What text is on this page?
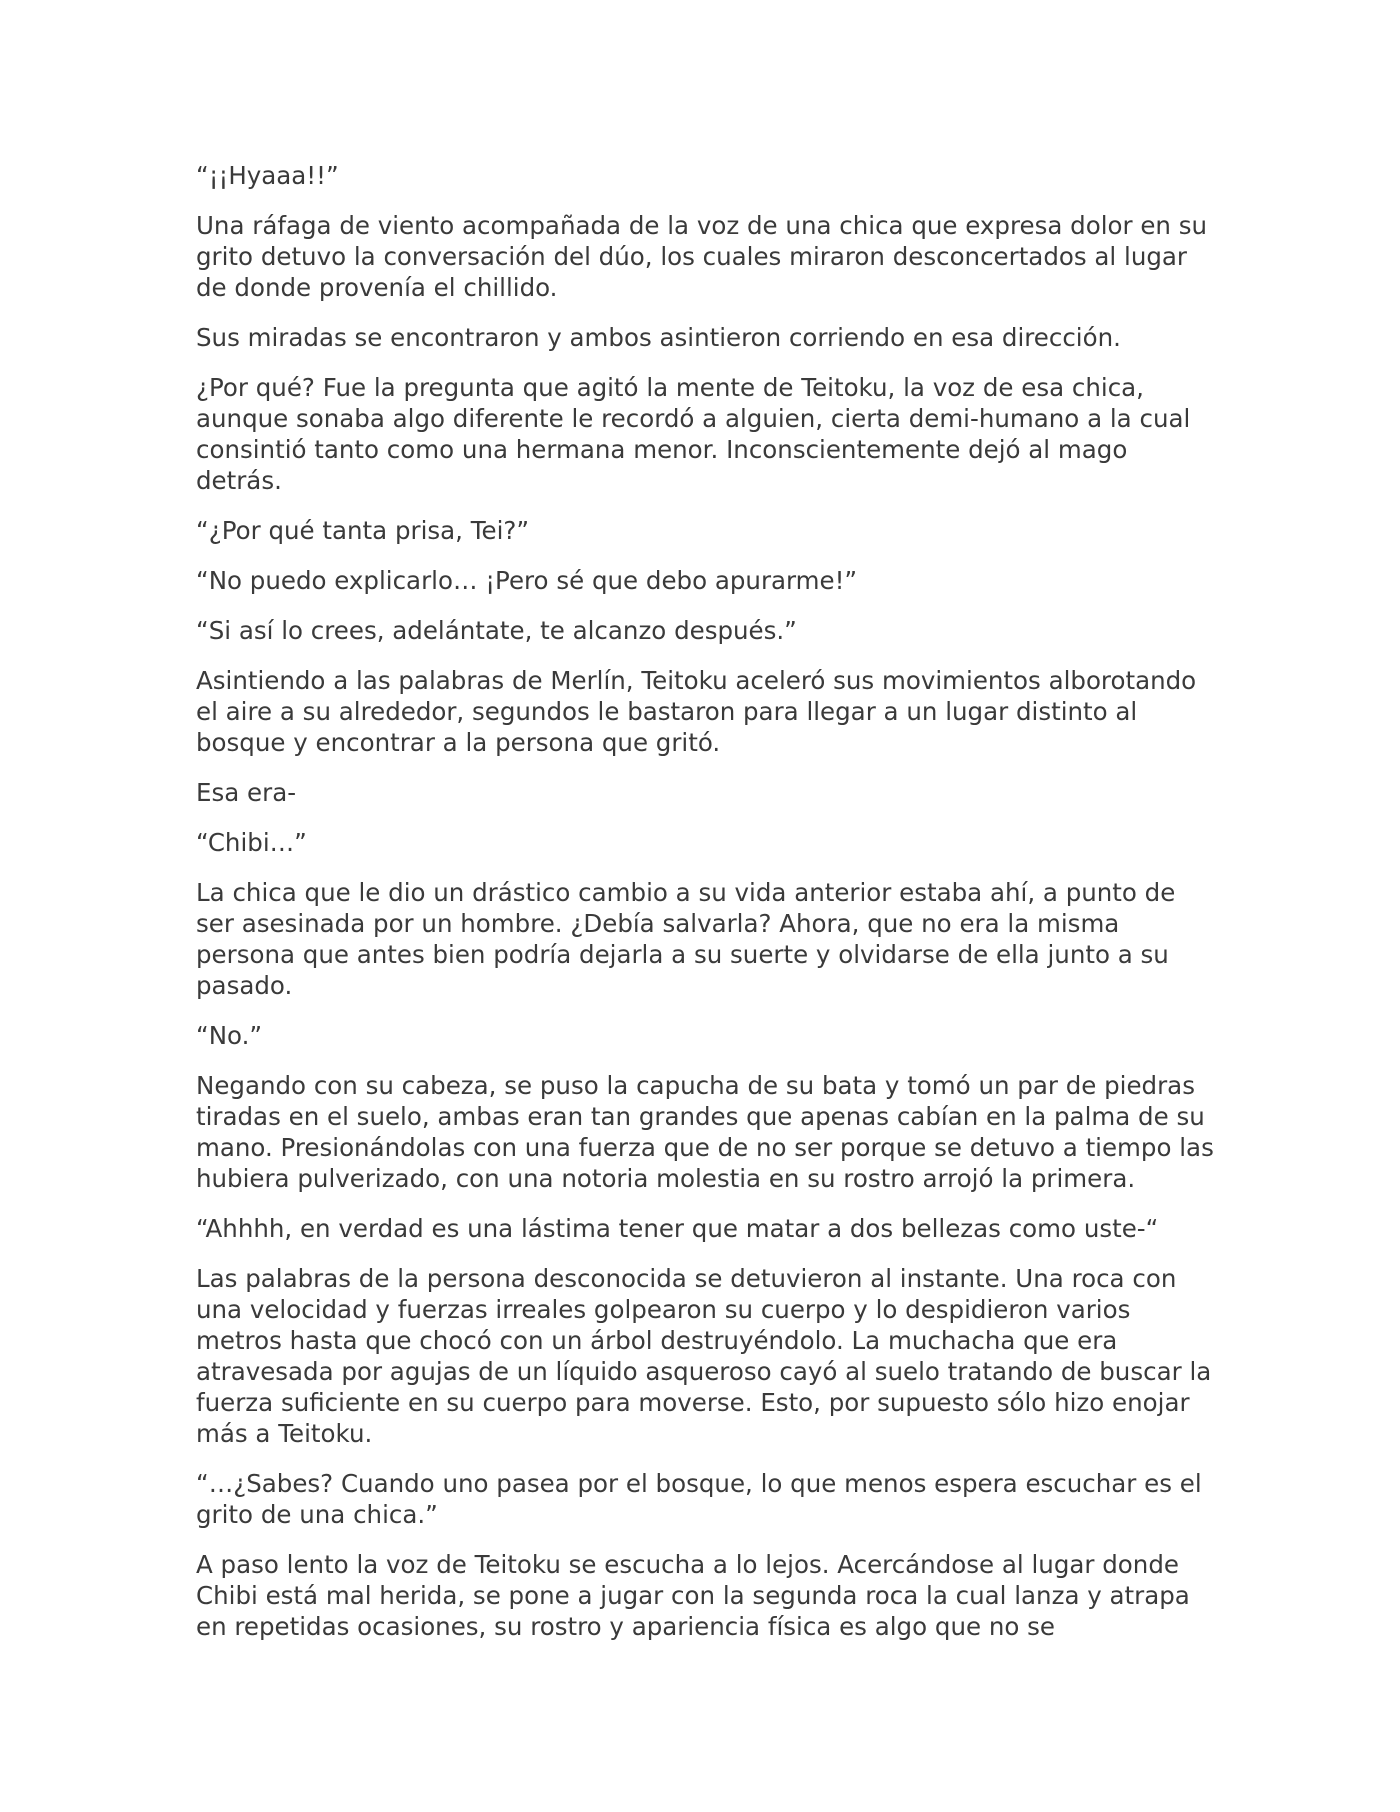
“¡¡Hyaaa!!”

Una ráfaga de viento acompañada de la voz de una chica que expresa dolor en su grito detuvo la conversación del dúo, los cuales miraron desconcertados al lugar de donde provenía el chillido.

Sus miradas se encontraron y ambos asintieron corriendo en esa dirección.

¿Por qué? Fue la pregunta que agitó la mente de Teitoku, la voz de esa chica, aunque sonaba algo diferente le recordó a alguien, cierta demi-humano a la cual consintió tanto como una hermana menor. Inconscientemente dejó al mago detrás.

“¿Por qué tanta prisa, Tei?”

“No puedo explicarlo… ¡Pero sé que debo apurarme!”

“Si así lo crees, adelántate, te alcanzo después.”

Asintiendo a las palabras de Merlín, Teitoku aceleró sus movimientos alborotando el aire a su alrededor, segundos le bastaron para llegar a un lugar distinto al bosque y encontrar a la persona que gritó.

Esa era-

“Chibi…”

La chica que le dio un drástico cambio a su vida anterior estaba ahí, a punto de ser asesinada por un hombre. ¿Debía salvarla? Ahora, que no era la misma persona que antes bien podría dejarla a su suerte y olvidarse de ella junto a su pasado.

“No.”

Negando con su cabeza, se puso la capucha de su bata y tomó un par de piedras tiradas en el suelo, ambas eran tan grandes que apenas cabían en la palma de su mano. Presionándolas con una fuerza que de no ser porque se detuvo a tiempo las hubiera pulverizado, con una notoria molestia en su rostro arrojó la primera.

“Ahhhh, en verdad es una lástima tener que matar a dos bellezas como uste-“

Las palabras de la persona desconocida se detuvieron al instante. Una roca con una velocidad y fuerzas irreales golpearon su cuerpo y lo despidieron varios metros hasta que chocó con un árbol destruyéndolo. La muchacha que era atravesada por agujas de un líquido asqueroso cayó al suelo tratando de buscar la fuerza suficiente en su cuerpo para moverse. Esto, por supuesto sólo hizo enojar más a Teitoku.

“…¿Sabes? Cuando uno pasea por el bosque, lo que menos espera escuchar es el grito de una chica.”

A paso lento la voz de Teitoku se escucha a lo lejos. Acercándose al lugar donde Chibi está mal herida, se pone a jugar con la segunda roca la cual lanza y atrapa en repetidas ocasiones, su rostro y apariencia física es algo que no se
